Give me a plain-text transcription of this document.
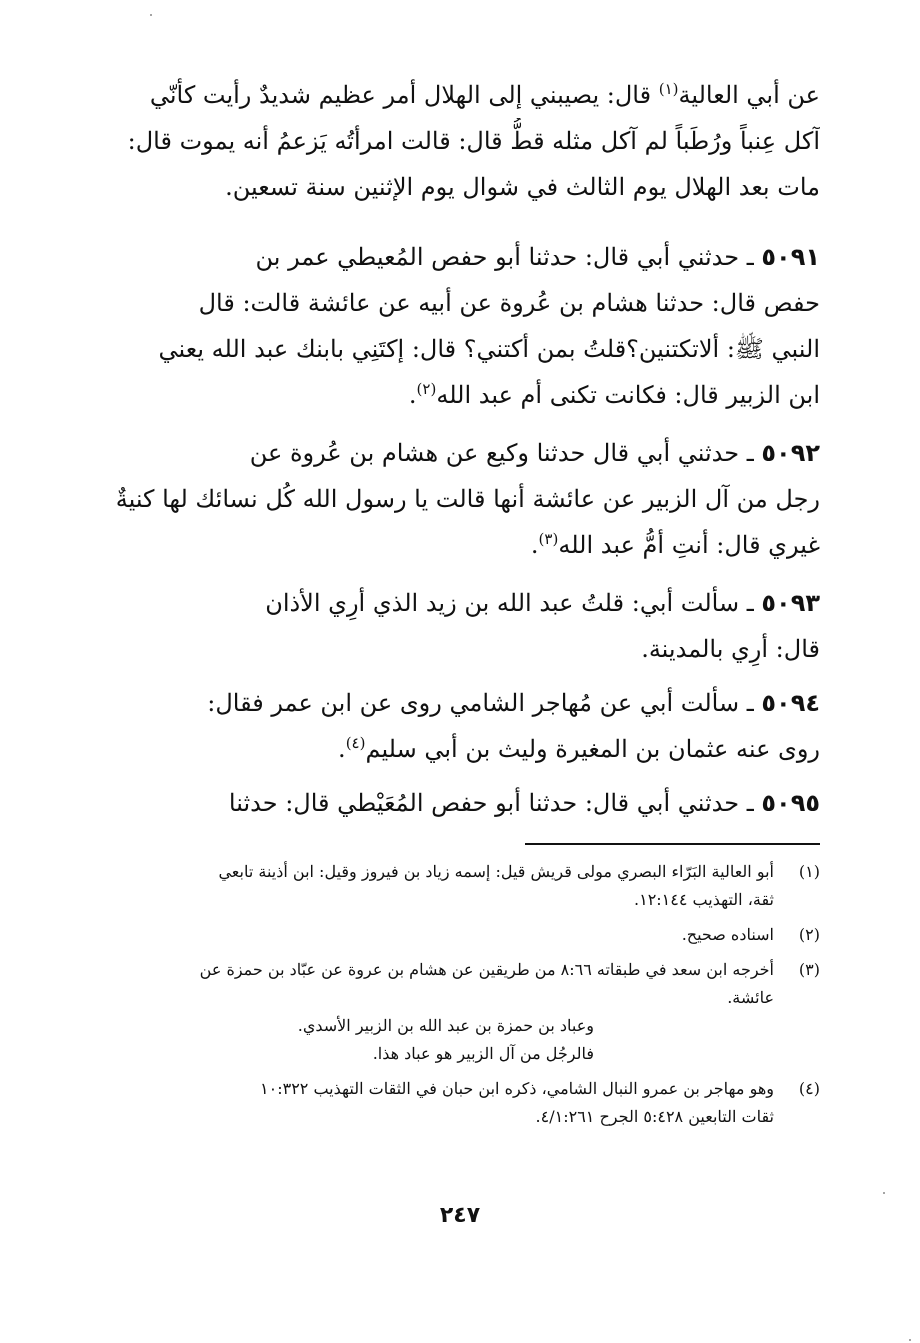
عن أبي العالية$^{(١)}$ قال: يصيبني إلى الهلال أمر عظيم شديدٌ رأيت كأنّي
آكل عِنباً ورُطَباً لم آكل مثله قطُّ قال: قالت امرأتُه يَزعمُ أنه يموت قال:
مات بعد الهلال يوم الثالث في شوال يوم الإثنين سنة تسعين.
٥٠٩١ ـ حدثني أبي قال: حدثنا أبو حفص المُعيطي عمر بن
حفص قال: حدثنا هشام بن عُروة عن أبيه عن عائشة قالت: قال
النبي ﷺ: ألاتكتنين؟قلتُ بمن أكتني؟ قال: إكتَنِي بابنك عبد الله يعني
ابن الزبير قال: فكانت تكنى أم عبد الله$^{(٢)}$.
٥٠٩٢ ـ حدثني أبي قال حدثنا وكيع عن هشام بن عُروة عن
رجل من آل الزبير عن عائشة أنها قالت يا رسول الله كُل نسائك لها كنيةٌ
غيري قال: أنتِ أمُّ عبد الله$^{(٣)}$.
٥٠٩٣ ـ سألت أبي: قلتُ عبد الله بن زيد الذي أرِي الأذان
قال: أرِي بالمدينة.
٥٠٩٤ ـ سألت أبي عن مُهاجر الشامي روى عن ابن عمر فقال:
روى عنه عثمان بن المغيرة وليث بن أبي سليم$^{(٤)}$.
٥٠٩٥ ـ حدثني أبي قال: حدثنا أبو حفص المُعَيْطي قال: حدثنا
(١)
أبو العالية البَرّاء البصري مولى قريش قيل: إسمه زياد بن فيروز وقيل: ابن أذينة تابعي
ثقة، التهذيب ١٢:١٤٤.
(٢)
اسناده صحيح.
(٣)
أخرجه ابن سعد في طبقاته ٨:٦٦ من طريقين عن هشام بن عروة عن عبّاد بن حمزة عن
عائشة.
وعباد بن حمزة بن عبد الله بن الزبير الأسدي.
فالرجُل من آل الزبير هو عباد هذا.
(٤)
وهو مهاجر بن عمرو النبال الشامي، ذكره ابن حبان في الثقات التهذيب ١٠:٣٢٢
ثقات التابعين ٥:٤٢٨ الجرح ٤/١:٢٦١.
٢٤٧
